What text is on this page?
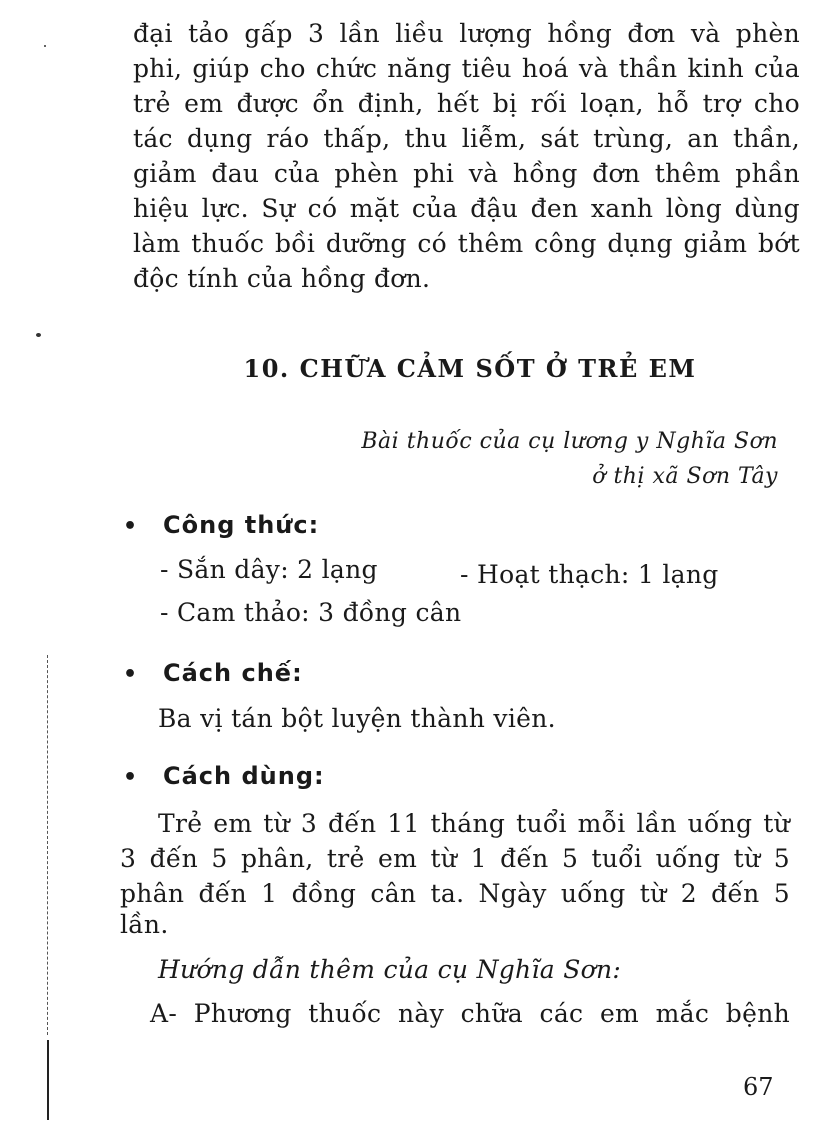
đại tảo gấp 3 lần liều lượng hồng đơn và phèn
phi, giúp cho chức năng tiêu hoá và thần kinh của
trẻ em được ổn định, hết bị rối loạn, hỗ trợ cho
tác dụng ráo thấp, thu liễm, sát trùng, an thần,
giảm đau của phèn phi và hồng đơn thêm phần
hiệu lực. Sự có mặt của đậu đen xanh lòng dùng
làm thuốc bồi dưỡng có thêm công dụng giảm bớt
độc tính của hồng đơn.
10. CHỮA CẢM SỐT Ở TRẺ EM
Bài thuốc của cụ lương y Nghĩa Sơn
ở thị xã Sơn Tây
• Công thức:
- Sắn dây: 2 lạng	- Hoạt thạch: 1 lạng
- Cam thảo: 3 đồng cân
• Cách chế:
Ba vị tán bột luyện thành viên.
• Cách dùng:
Trẻ em từ 3 đến 11 tháng tuổi mỗi lần uống từ
3 đến 5 phân, trẻ em từ 1 đến 5 tuổi uống từ 5
phân đến 1 đồng cân ta. Ngày uống từ 2 đến 5
lần.
Hướng dẫn thêm của cụ Nghĩa Sơn:
A- Phương thuốc này chữa các em mắc bệnh
67
